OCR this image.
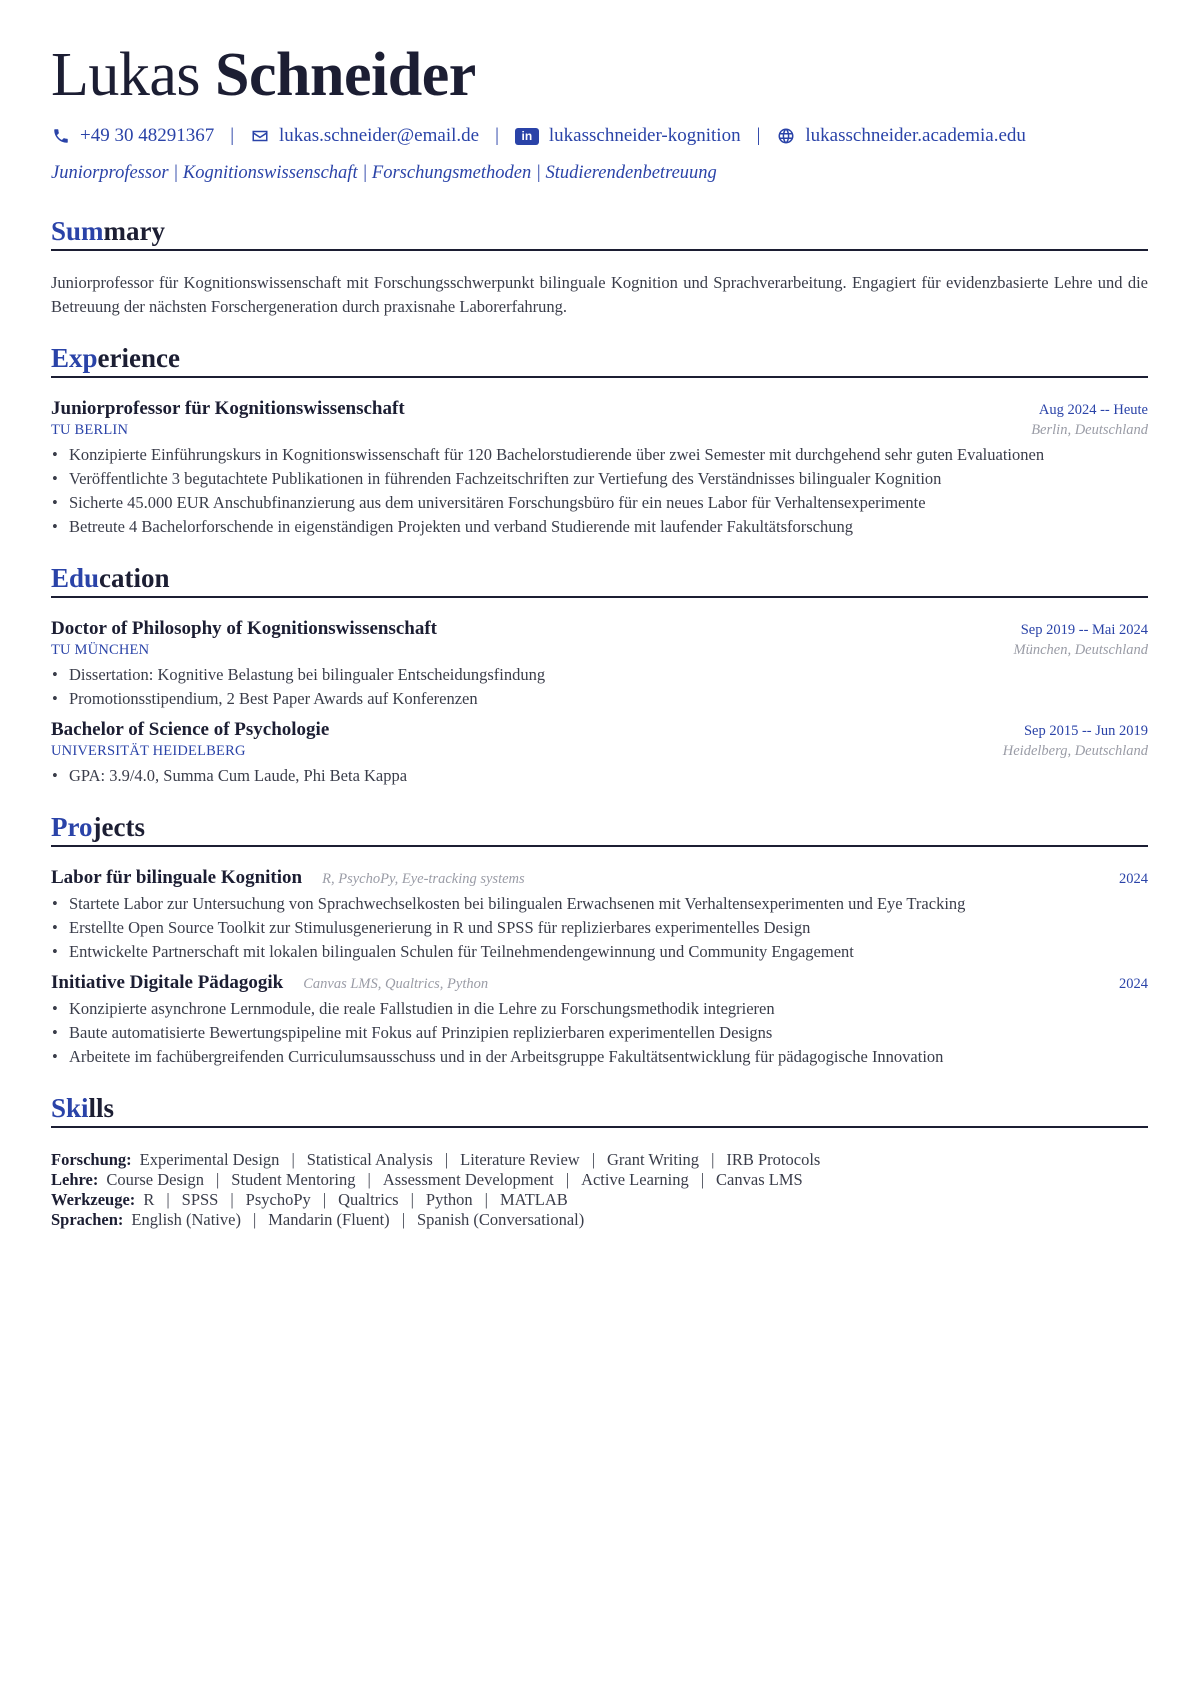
Lukas Schneider
+49 30 48291367 | lukas.schneider@email.de |	in lukasschneider-kognition | lukasschneider.academia.edu
Juniorprofessor | Kognitionswissenschaft | Forschungsmethoden | Studierendenbetreuung
Summary

Juniorprofessor für Kognitionswissenschaft mit Forschungsschwerpunkt bilinguale Kognition und Sprachverarbeitung. Engagiert für evidenzbasierte Lehre und die Betreuung der nächsten Forschergeneration durch praxisnahe Laborerfahrung.

Experience
Juniorprofessor für Kognitionswissenschaft	Aug 2024 -- Heute
TU BERLIN	Berlin, Deutschland
• Konzipierte Einführungskurs in Kognitionswissenschaft für 120 Bachelorstudierende über zwei Semester mit durchgehend sehr guten Evaluationen
• Veröffentlichte 3 begutachtete Publikationen in führenden Fachzeitschriften zur Vertiefung des Verständnisses bilingualer Kognition
• Sicherte 45.000 EUR Anschubfinanzierung aus dem universitären Forschungsbüro für ein neues Labor für Verhaltensexperimente
• Betreute 4 Bachelorforschende in eigenständigen Projekten und verband Studierende mit laufender Fakultätsforschung
Education
Doctor of Philosophy of Kognitionswissenschaft	Sep 2019 -- Mai 2024
TU MÜNCHEN	München, Deutschland
• Dissertation: Kognitive Belastung bei bilingualer Entscheidungsfindung
• Promotionsstipendium, 2 Best Paper Awards auf Konferenzen
Bachelor of Science of Psychologie	Sep 2015 -- Jun 2019
UNIVERSITÄT HEIDELBERG	Heidelberg, Deutschland
• GPA: 3.9/4.0, Summa Cum Laude, Phi Beta Kappa
Projects
Labor für bilinguale Kognition R, PsychoPy, Eye-tracking systems	2024
• Startete Labor zur Untersuchung von Sprachwechselkosten bei bilingualen Erwachsenen mit Verhaltensexperimenten und Eye Tracking
• Erstellte Open Source Toolkit zur Stimulusgenerierung in R und SPSS für replizierbares experimentelles Design
• Entwickelte Partnerschaft mit lokalen bilingualen Schulen für Teilnehmendengewinnung und Community Engagement
Initiative Digitale Pädagogik Canvas LMS, Qualtrics, Python	2024
• Konzipierte asynchrone Lernmodule, die reale Fallstudien in die Lehre zu Forschungsmethodik integrieren
• Baute automatisierte Bewertungspipeline mit Fokus auf Prinzipien replizierbaren experimentellen Designs
• Arbeitete im fachübergreifenden Curriculumsausschuss und in der Arbeitsgruppe Fakultätsentwicklung für pädagogische Innovation
Skills
Forschung: Experimental Design | Statistical Analysis | Literature Review | Grant Writing | IRB Protocols
Lehre: Course Design | Student Mentoring | Assessment Development | Active Learning | Canvas LMS
Werkzeuge: R | SPSS | PsychoPy | Qualtrics | Python | MATLAB
Sprachen: English (Native) | Mandarin (Fluent) | Spanish (Conversational)
